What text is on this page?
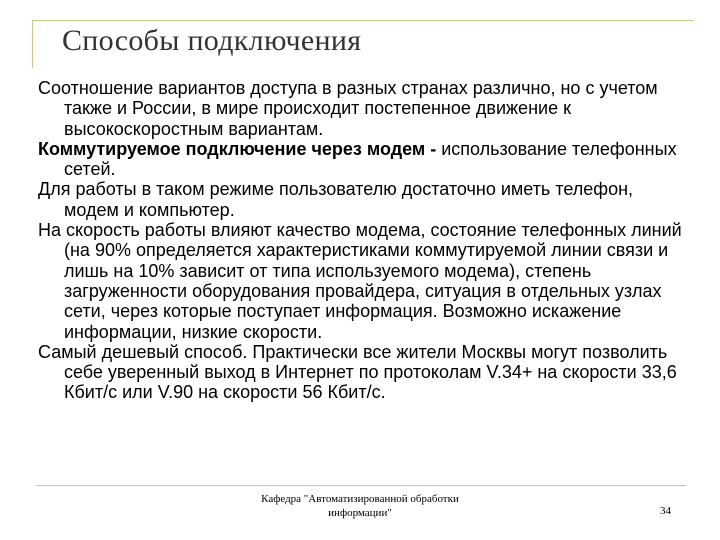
Способы подключения

Соотношение вариантов доступа в разных странах различно, но с учетом также и России, в мире происходит постепенное движение к высокоскоростным вариантам.

Коммутируемое подключение через модем - использование телефонных сетей.

Для работы в таком режиме пользователю достаточно иметь телефон, модем и компьютер.

На скорость работы влияют качество модема, состояние телефонных линий (на 90% определяется характеристиками коммутируемой линии связи и лишь на 10% зависит от типа используемого модема), степень загруженности оборудования провайдера, ситуация в отдельных узлах сети, через которые поступает информация. Возможно искажение информации, низкие скорости.

Самый дешевый способ. Практически все жители Москвы могут позволить себе уверенный выход в Интернет по протоколам V.34+ на скорости 33,6 Кбит/с или V.90 на скорости 56 Кбит/с.

Кафедра "Автоматизированной обработки
информации"	34
